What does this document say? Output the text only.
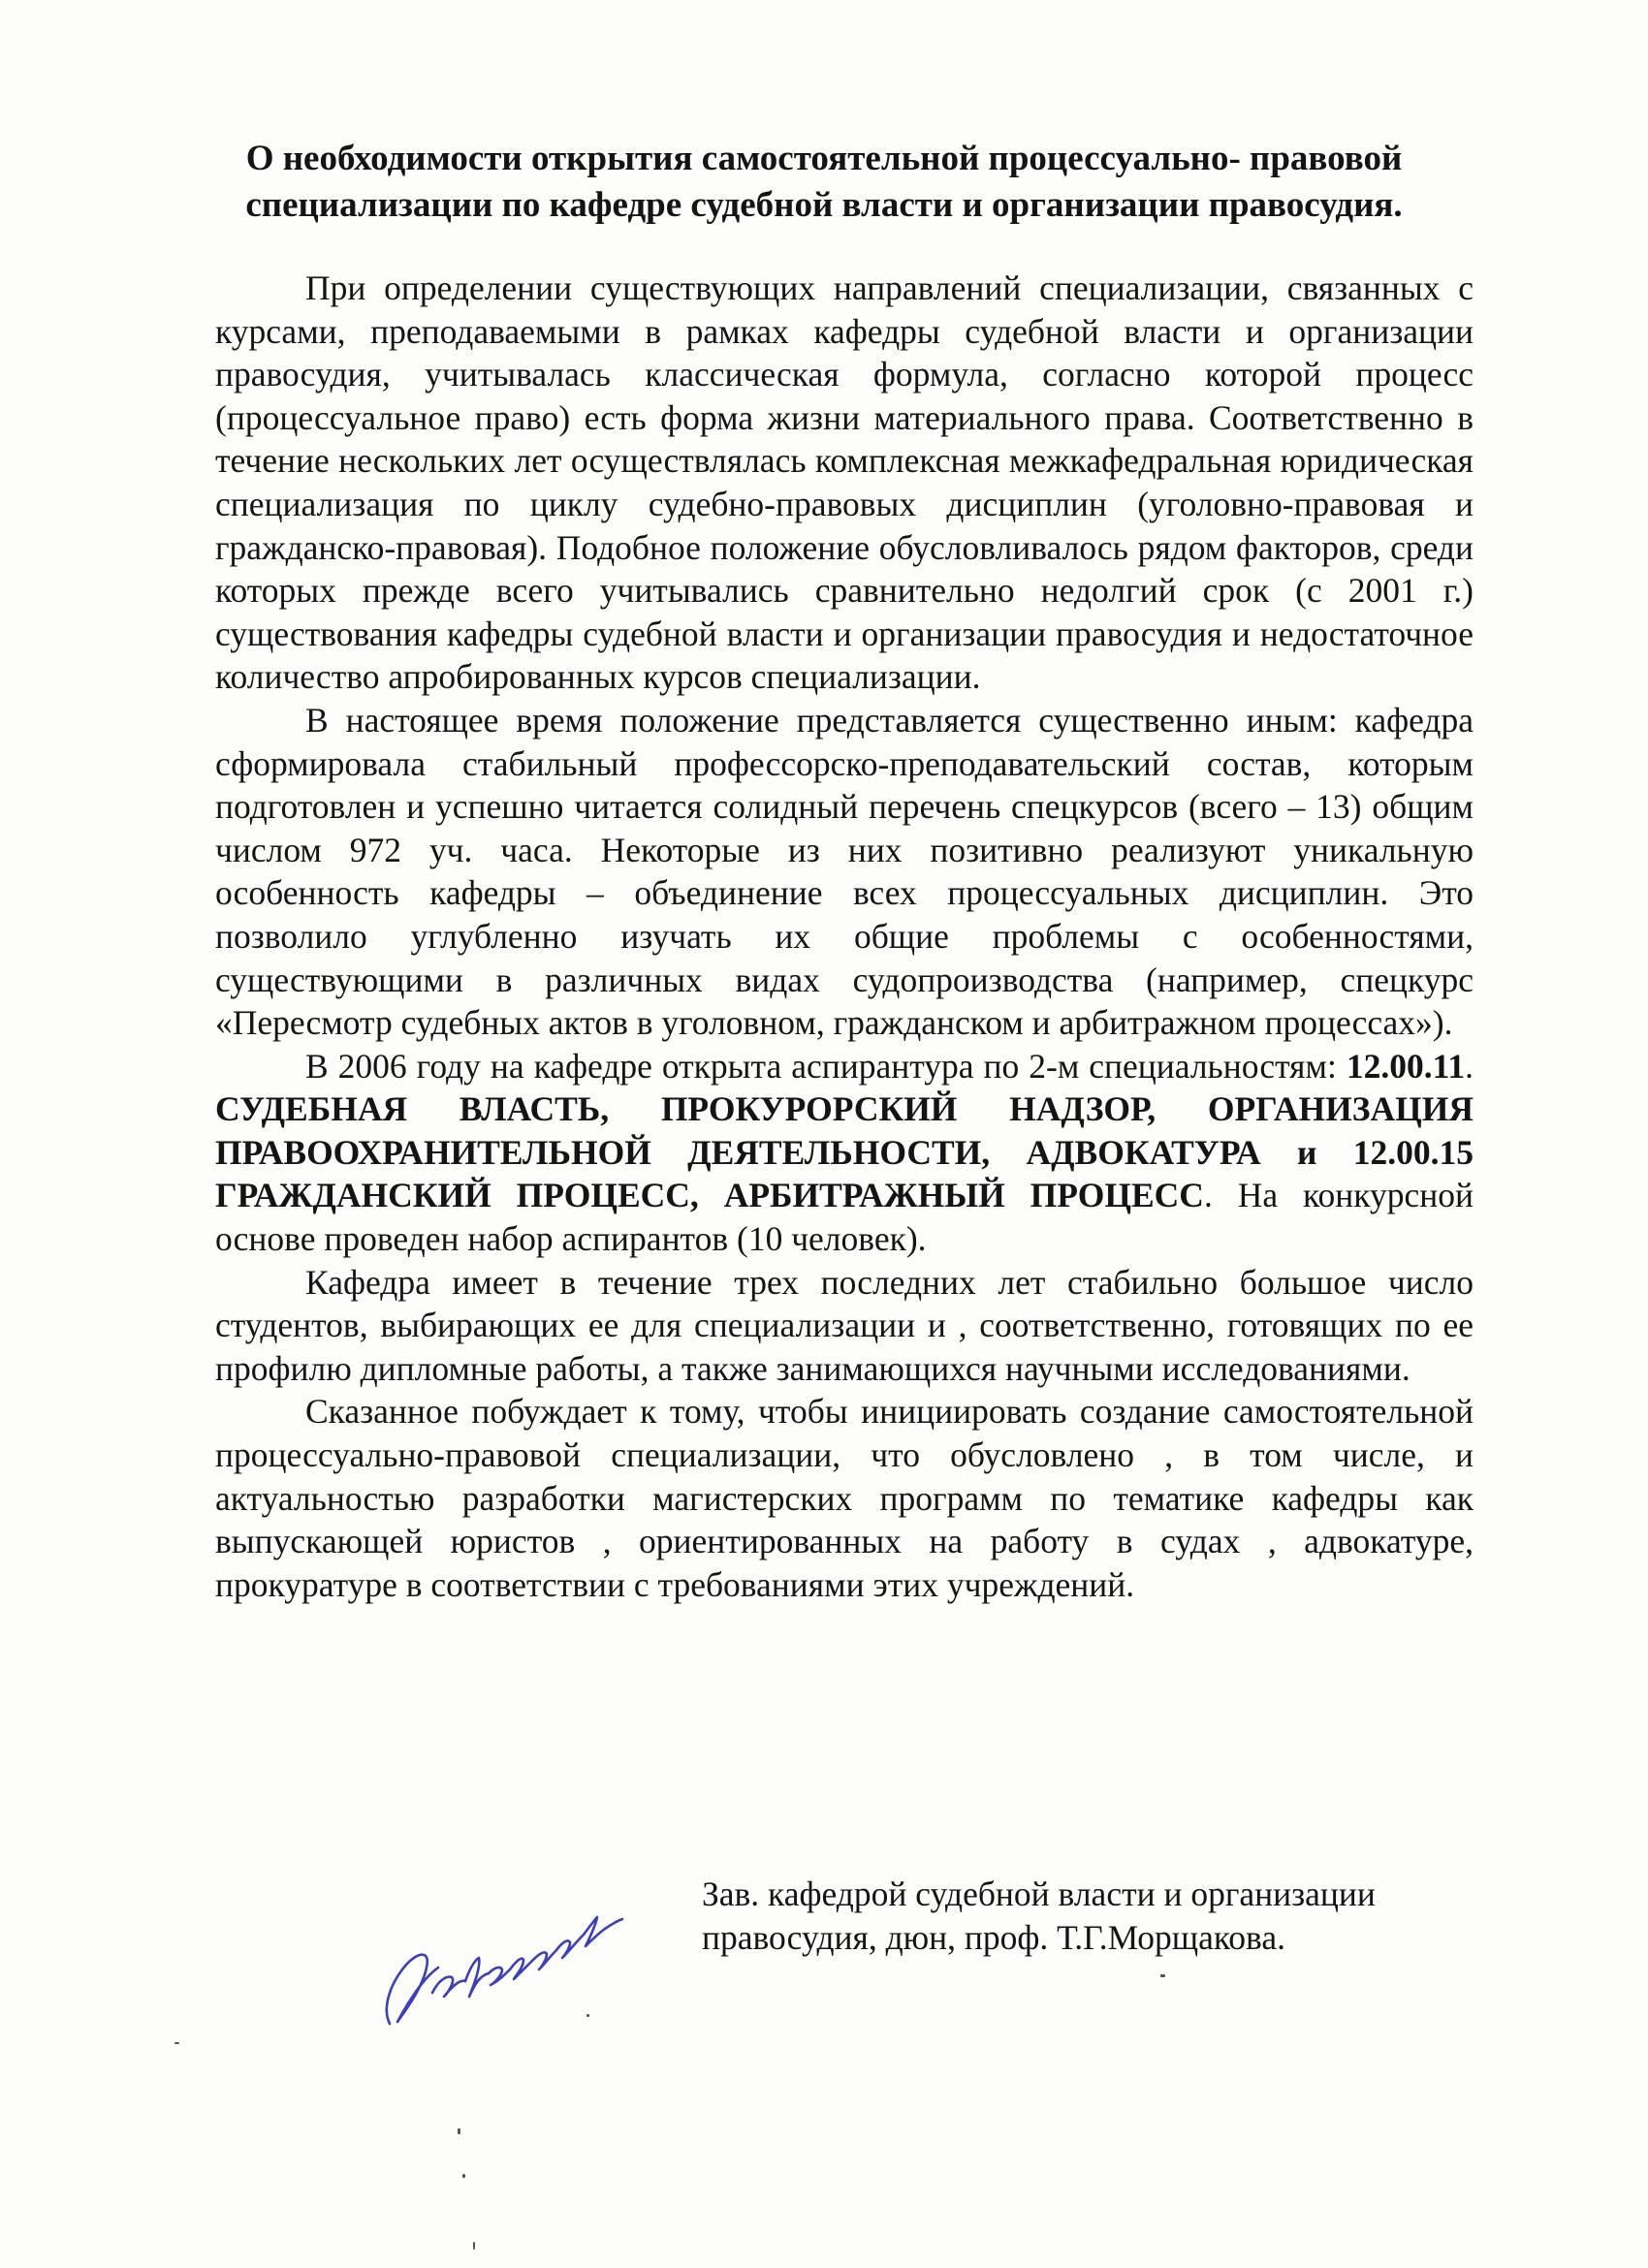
О необходимости открытия самостоятельной процессуально- правовой
специализации по кафедре судебной власти и организации правосудия.

При определении существующих направлений специализации, связанных с курсами, преподаваемыми в рамках кафедры судебной власти и организации правосудия, учитывалась классическая формула, согласно которой процесс (процессуальное право) есть форма жизни материального права. Соответственно в течение нескольких лет осуществлялась комплексная межкафедральная юридическая специализация по циклу судебно-правовых дисциплин (уголовно-правовая и гражданско-правовая). Подобное положение обусловливалось рядом факторов, среди которых прежде всего учитывались сравнительно недолгий срок (с 2001 г.) существования кафедры судебной власти и организации правосудия и недостаточное количество апробированных курсов специализации.

В настоящее время положение представляется существенно иным: кафедра сформировала стабильный профессорско-преподавательский состав, которым подготовлен и успешно читается солидный перечень спецкурсов (всего – 13) общим числом 972 уч. часа. Некоторые из них позитивно реализуют уникальную особенность кафедры – объединение всех процессуальных дисциплин. Это позволило углубленно изучать их общие проблемы с особенностями, существующими в различных видах судопроизводства (например, спецкурс «Пересмотр судебных актов в уголовном, гражданском и арбитражном процессах»).

В 2006 году на кафедре открыта аспирантура по 2-м специальностям: 12.00.11. СУДЕБНАЯ ВЛАСТЬ, ПРОКУРОРСКИЙ НАДЗОР, ОРГАНИЗАЦИЯ ПРАВООХРАНИТЕЛЬНОЙ ДЕЯТЕЛЬНОСТИ, АДВОКАТУРА и 12.00.15 ГРАЖДАНСКИЙ ПРОЦЕСС, АРБИТРАЖНЫЙ ПРОЦЕСС. На конкурсной основе проведен набор аспирантов (10 человек).

Кафедра имеет в течение трех последних лет стабильно большое число студентов, выбирающих ее для специализации и , соответственно, готовящих по ее профилю дипломные работы, а также занимающихся научными исследованиями.

Сказанное побуждает к тому, чтобы инициировать создание самостоятельной процессуально-правовой специализации, что обусловлено , в том числе, и актуальностью разработки магистерских программ по тематике кафедры как выпускающей юристов , ориентированных на работу в судах , адвокатуре, прокуратуре в соответствии с требованиями этих учреждений.

Зав. кафедрой судебной власти и организации
правосудия, дюн, проф. Т.Г.Морщакова.
